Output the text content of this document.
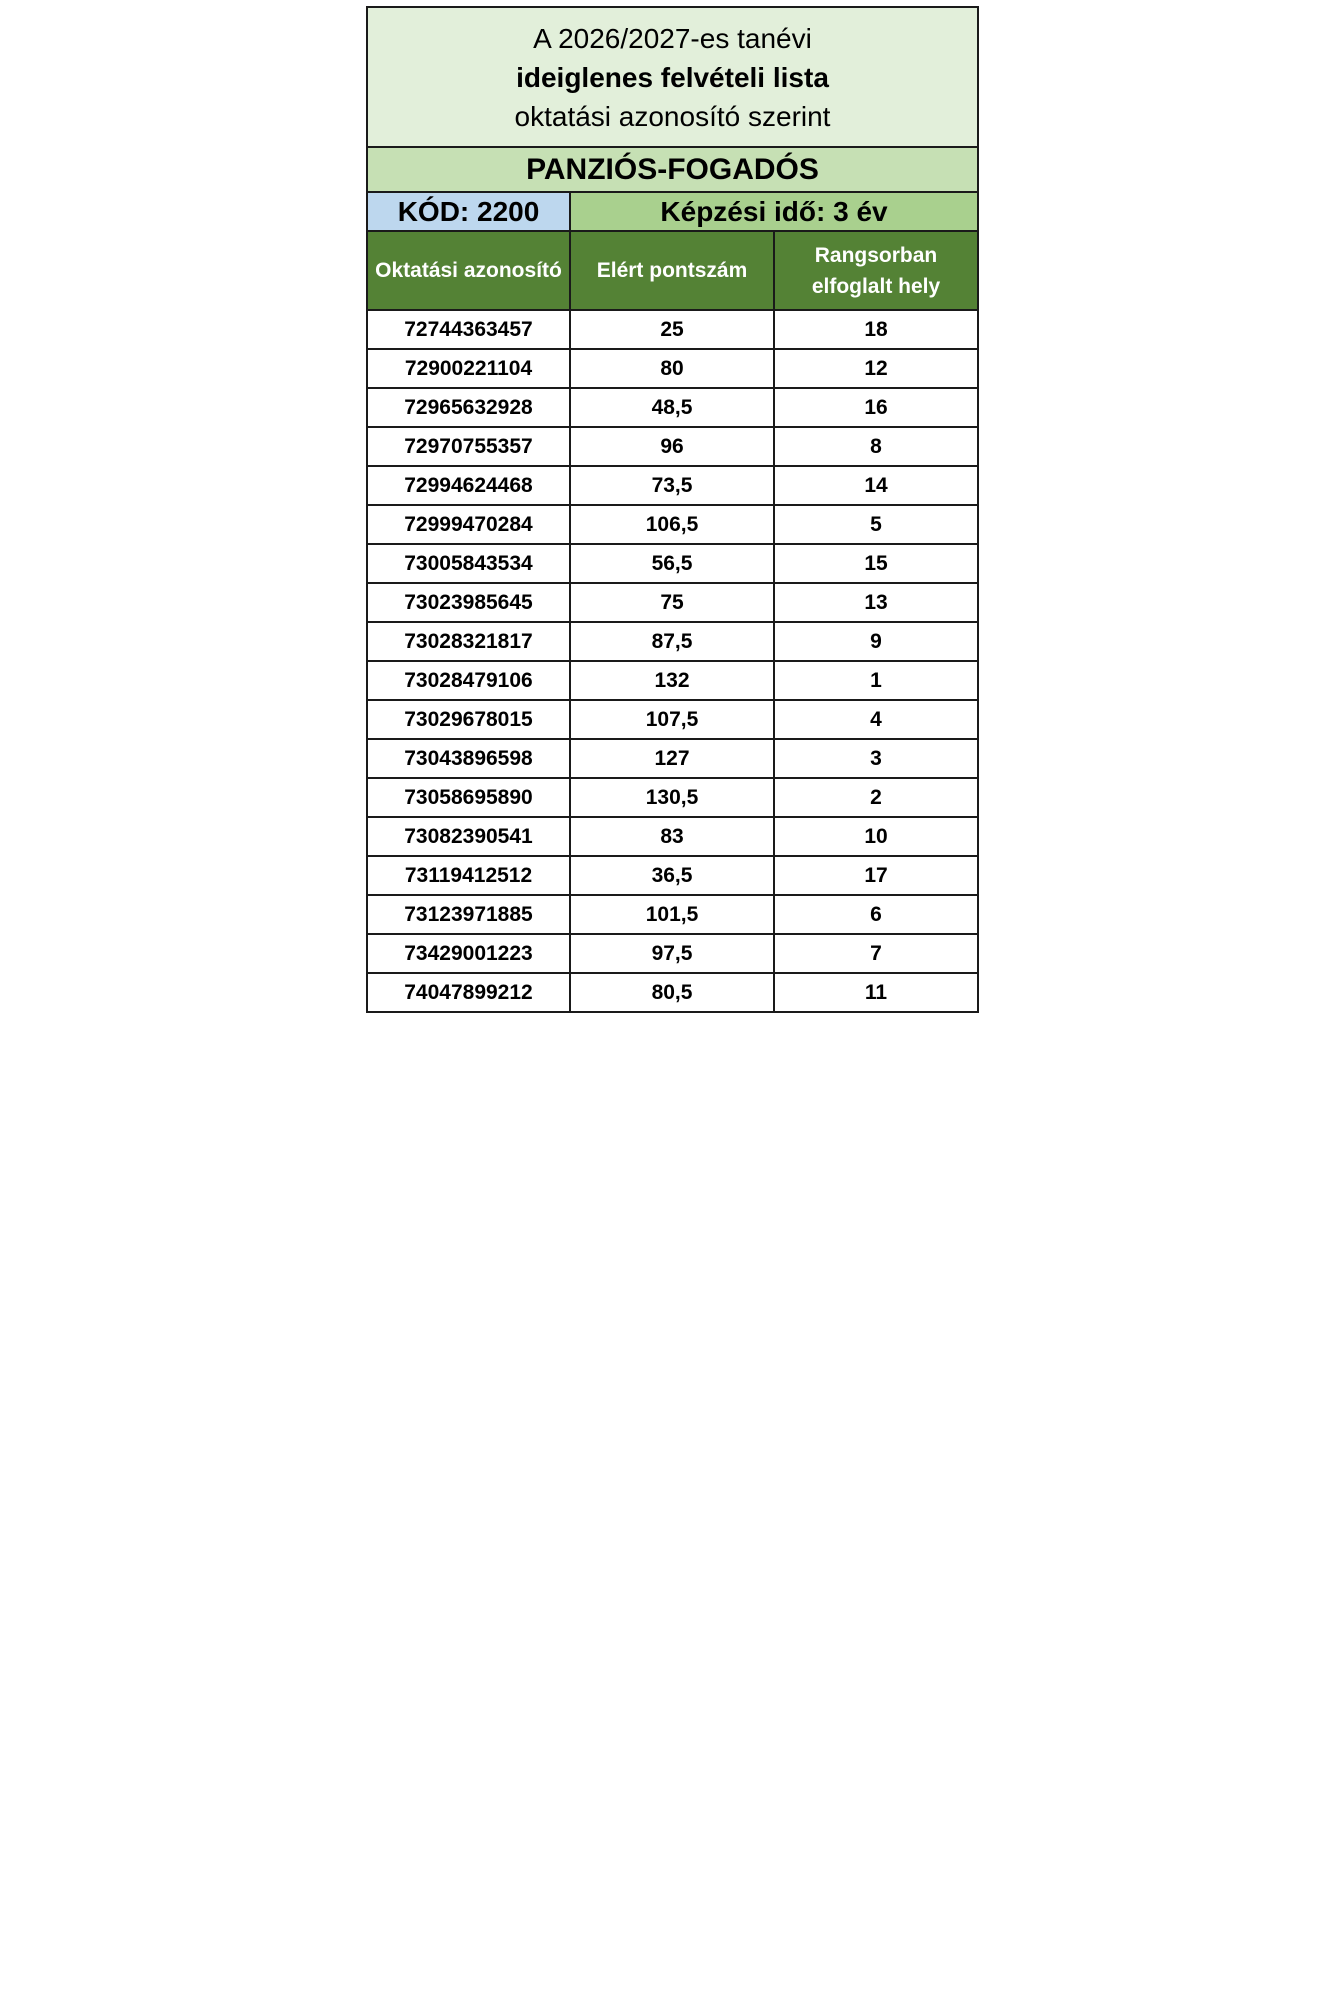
A 2026/2027-es tanévi
ideiglenes felvételi lista
oktatási azonosító szerint		

PANZIÓS-FOGADÓS		
KÓD: 2200	Képzési idő: 3 év	
Oktatási azonosító	Elért pontszám	Rangsorban
elfoglalt hely

72744363457	25	18
72900221104	80	12
72965632928	48,5	16
72970755357	96	8
72994624468	73,5	14
72999470284	106,5	5
73005843534	56,5	15
73023985645	75	13
73028321817	87,5	9
73028479106	132	1
73029678015	107,5	4
73043896598	127	3
73058695890	130,5	2
73082390541	83	10
73119412512	36,5	17
73123971885	101,5	6
73429001223	97,5	7
74047899212	80,5	11
